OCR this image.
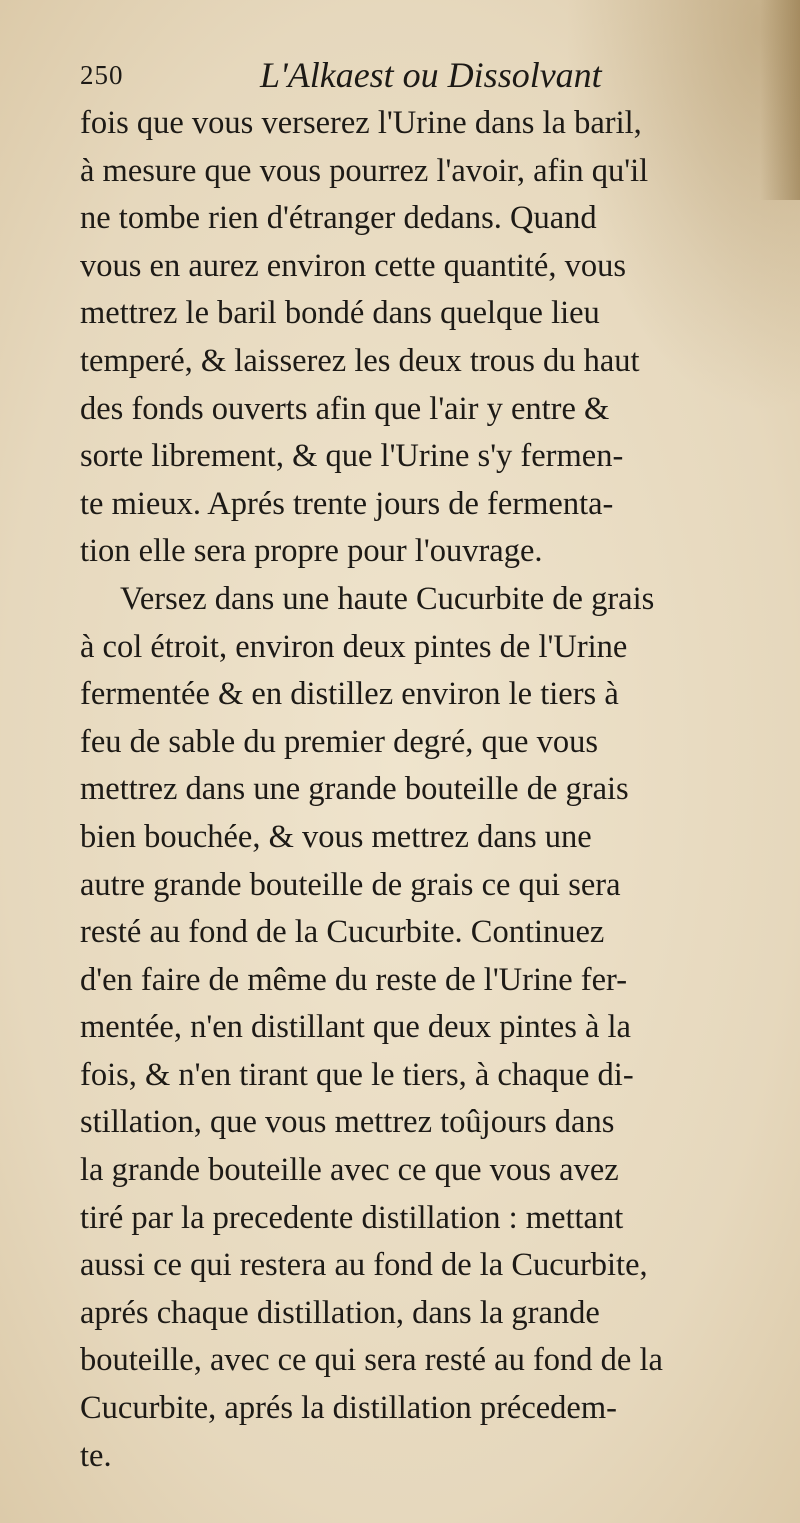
250	L'Alkaest ou Dissolvant
fois que vous verserez l'Urine dans la baril,
à mesure que vous pourrez l'avoir, afin qu'il
ne tombe rien d'étranger dedans. Quand
vous en aurez environ cette quantité, vous
mettrez le baril bondé dans quelque lieu
temperé, & laisserez les deux trous du haut
des fonds ouverts afin que l'air y entre &
sorte librement, & que l'Urine s'y fermen-
te mieux. Aprés trente jours de fermenta-
tion elle sera propre pour l'ouvrage.
Versez dans une haute Cucurbite de grais
à col étroit, environ deux pintes de l'Urine
fermentée & en distillez environ le tiers à
feu de sable du premier degré, que vous
mettrez dans une grande bouteille de grais
bien bouchée, & vous mettrez dans une
autre grande bouteille de grais ce qui sera
resté au fond de la Cucurbite. Continuez
d'en faire de même du reste de l'Urine fer-
mentée, n'en distillant que deux pintes à la
fois, & n'en tirant que le tiers, à chaque di-
stillation, que vous mettrez toûjours dans
la grande bouteille avec ce que vous avez
tiré par la precedente distillation : mettant
aussi ce qui restera au fond de la Cucurbite,
aprés chaque distillation, dans la grande
bouteille, avec ce qui sera resté au fond de la
Cucurbite, aprés la distillation précedem-
te.
